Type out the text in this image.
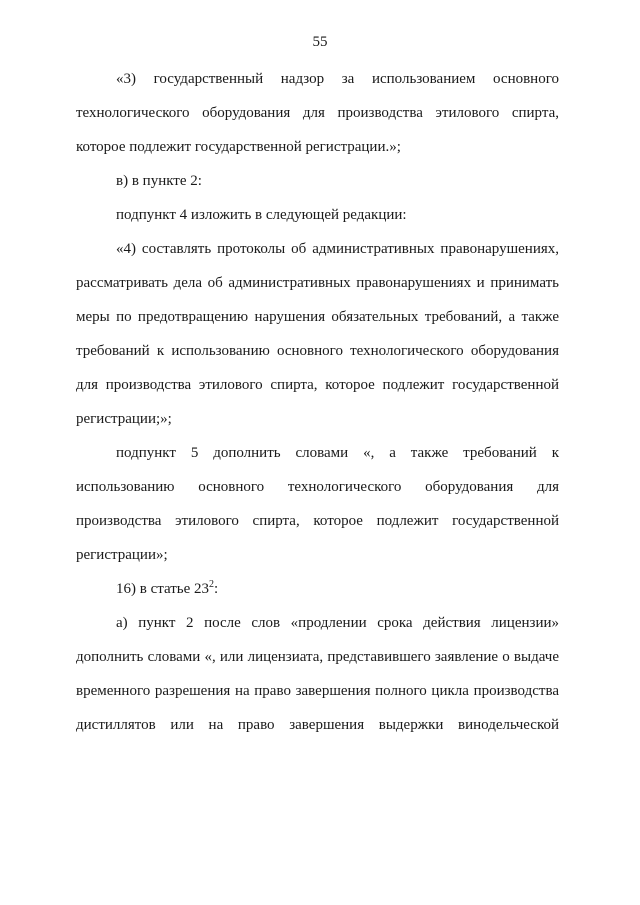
55
«3) государственный надзор за использованием основного
технологического оборудования для производства этилового спирта,
которое подлежит государственной регистрации.»;
в) в пункте 2:
подпункт 4 изложить в следующей редакции:
«4) составлять протоколы об административных правонарушениях,
рассматривать дела об административных правонарушениях и принимать
меры по предотвращению нарушения обязательных требований, а также
требований к использованию основного технологического оборудования
для производства этилового спирта, которое подлежит государственной
регистрации;»;
подпункт 5 дополнить словами «, а также требований к
использованию основного технологического оборудования для
производства этилового спирта, которое подлежит государственной
регистрации»;
16) в статье $23^2$:
а) пункт 2 после слов «продлении срока действия лицензии»
дополнить словами «, или лицензиата, представившего заявление о выдаче
временного разрешения на право завершения полного цикла производства
дистиллятов или на право завершения выдержки винодельческой
